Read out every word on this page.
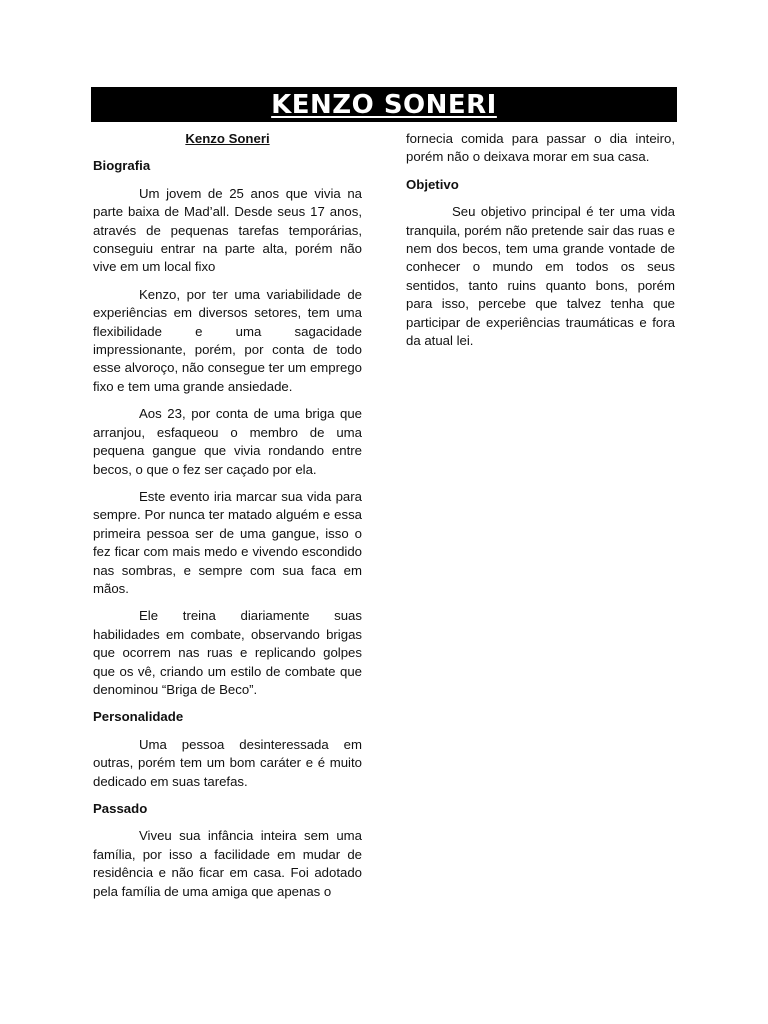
KENZO SONERI

Kenzo Soneri

Biografia

Um jovem de 25 anos que vivia na parte baixa de Mad’all. Desde seus 17 anos, através de pequenas tarefas temporárias, conseguiu entrar na parte alta, porém não vive em um local fixo

Kenzo, por ter uma variabilidade de experiências em diversos setores, tem uma flexibilidade e uma sagacidade impressionante, porém, por conta de todo esse alvoroço, não consegue ter um emprego fixo e tem uma grande ansiedade.

Aos 23, por conta de uma briga que arranjou, esfaqueou o membro de uma pequena gangue que vivia rondando entre becos, o que o fez ser caçado por ela.

Este evento iria marcar sua vida para sempre. Por nunca ter matado alguém e essa primeira pessoa ser de uma gangue, isso o fez ficar com mais medo e vivendo escondido nas sombras, e sempre com sua faca em mãos.

Ele treina diariamente suas habilidades em combate, observando brigas que ocorrem nas ruas e replicando golpes que os vê, criando um estilo de combate que denominou “Briga de Beco”.

Personalidade

Uma pessoa desinteressada em outras, porém tem um bom caráter e é muito dedicado em suas tarefas.

Passado

Viveu sua infância inteira sem uma família, por isso a facilidade em mudar de residência e não ficar em casa. Foi adotado pela família de uma amiga que apenas o

fornecia comida para passar o dia inteiro, porém não o deixava morar em sua casa.

Objetivo

Seu objetivo principal é ter uma vida tranquila, porém não pretende sair das ruas e nem dos becos, tem uma grande vontade de conhecer o mundo em todos os seus sentidos, tanto ruins quanto bons, porém para isso, percebe que talvez tenha que participar de experiências traumáticas e fora da atual lei.
